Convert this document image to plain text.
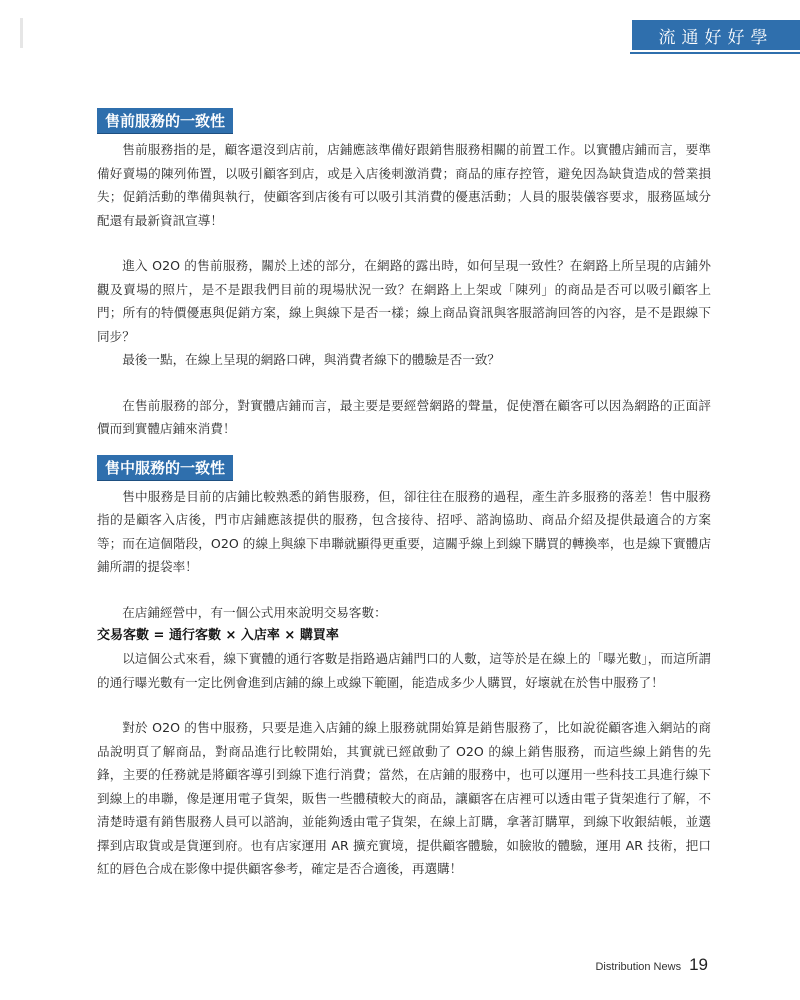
流通好好學
售前服務的一致性

售前服務指的是，顧客還沒到店前，店鋪應該準備好跟銷售服務相關的前置工作。以實體店鋪而言，要準備好賣場的陳列佈置，以吸引顧客到店，或是入店後刺激消費；商品的庫存控管，避免因為缺貨造成的營業損失；促銷活動的準備與執行，使顧客到店後有可以吸引其消費的優惠活動；人員的服裝儀容要求，服務區域分配還有最新資訊宣導！

進入 O2O 的售前服務，關於上述的部分，在網路的露出時，如何呈現一致性？在網路上所呈現的店鋪外觀及賣場的照片，是不是跟我們目前的現場狀況一致？在網路上上架或「陳列」的商品是否可以吸引顧客上門；所有的特價優惠與促銷方案，線上與線下是否一樣；線上商品資訊與客服諮詢回答的內容，是不是跟線下同步？

最後一點，在線上呈現的網路口碑，與消費者線下的體驗是否一致？

在售前服務的部分，對實體店鋪而言，最主要是要經營網路的聲量，促使潛在顧客可以因為網路的正面評價而到實體店鋪來消費！

售中服務的一致性

售中服務是目前的店鋪比較熟悉的銷售服務，但，卻往往在服務的過程，產生許多服務的落差！售中服務指的是顧客入店後，門市店鋪應該提供的服務，包含接待、招呼、諮詢協助、商品介紹及提供最適合的方案等；而在這個階段，O2O 的線上與線下串聯就顯得更重要，這關乎線上到線下購買的轉換率，也是線下實體店鋪所謂的提袋率！

在店鋪經營中，有一個公式用來說明交易客數：

交易客數 = 通行客數 × 入店率 × 購買率

以這個公式來看，線下實體的通行客數是指路過店鋪門口的人數，這等於是在線上的「曝光數」，而這所謂的通行曝光數有一定比例會進到店鋪的線上或線下範圍，能造成多少人購買，好壞就在於售中服務了！

對於 O2O 的售中服務，只要是進入店鋪的線上服務就開始算是銷售服務了，比如說從顧客進入網站的商品說明頁了解商品，對商品進行比較開始，其實就已經啟動了 O2O 的線上銷售服務，而這些線上銷售的先鋒，主要的任務就是將顧客導引到線下進行消費；當然，在店鋪的服務中，也可以運用一些科技工具進行線下到線上的串聯，像是運用電子貨架，販售一些體積較大的商品，讓顧客在店裡可以透由電子貨架進行了解，不清楚時還有銷售服務人員可以諮詢，並能夠透由電子貨架，在線上訂購，拿著訂購單，到線下收銀結帳，並選擇到店取貨或是貨運到府。也有店家運用 AR 擴充實境，提供顧客體驗，如臉妝的體驗，運用 AR 技術，把口紅的唇色合成在影像中提供顧客參考，確定是否合適後，再選購！

Distribution News 19
